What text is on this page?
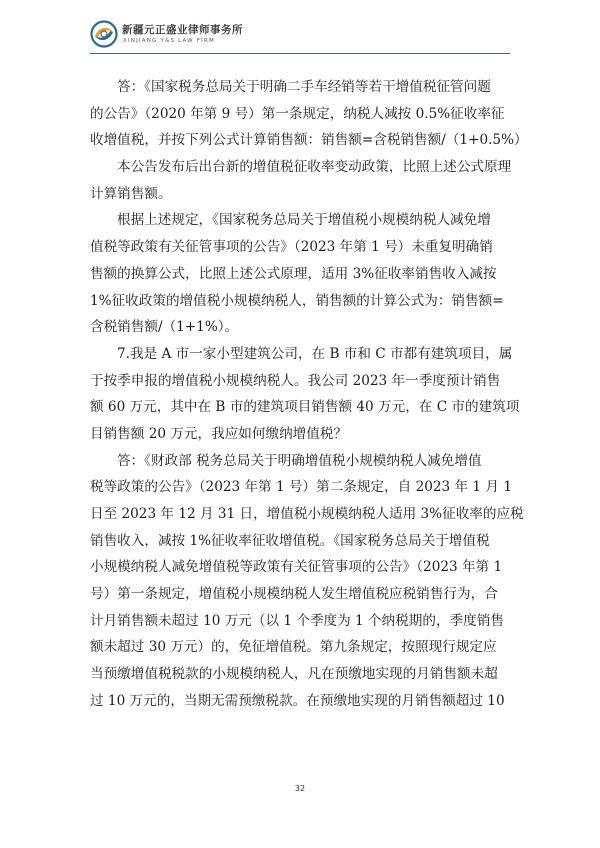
新疆元正盛业律师事务所
XINJIANG Y&S LAW FIRM
答：《国家税务总局关于明确二手车经销等若干增值税征管问题
的公告》（2020 年第 9 号）第一条规定，纳税人减按 0.5%征收率征
收增值税，并按下列公式计算销售额：销售额=含税销售额/（1+0.5%）
本公告发布后出台新的增值税征收率变动政策，比照上述公式原理
计算销售额。
根据上述规定，《国家税务总局关于增值税小规模纳税人减免增
值税等政策有关征管事项的公告》（2023 年第 1 号）未重复明确销
售额的换算公式，比照上述公式原理，适用 3%征收率销售收入减按
1%征收政策的增值税小规模纳税人，销售额的计算公式为：销售额=
含税销售额/（1+1%）。
7.我是 A 市一家小型建筑公司，在 B 市和 C 市都有建筑项目，属
于按季申报的增值税小规模纳税人。我公司 2023 年一季度预计销售
额 60 万元，其中在 B 市的建筑项目销售额 40 万元，在 C 市的建筑项
目销售额 20 万元，我应如何缴纳增值税？
答：《财政部 税务总局关于明确增值税小规模纳税人减免增值
税等政策的公告》（2023 年第 1 号）第二条规定，自 2023 年 1 月 1
日至 2023 年 12 月 31 日，增值税小规模纳税人适用 3%征收率的应税
销售收入，减按 1%征收率征收增值税。《国家税务总局关于增值税
小规模纳税人减免增值税等政策有关征管事项的公告》（2023 年第 1
号）第一条规定，增值税小规模纳税人发生增值税应税销售行为，合
计月销售额未超过 10 万元（以 1 个季度为 1 个纳税期的，季度销售
额未超过 30 万元）的，免征增值税。第九条规定，按照现行规定应
当预缴增值税税款的小规模纳税人，凡在预缴地实现的月销售额未超
过 10 万元的，当期无需预缴税款。在预缴地实现的月销售额超过 10
32
